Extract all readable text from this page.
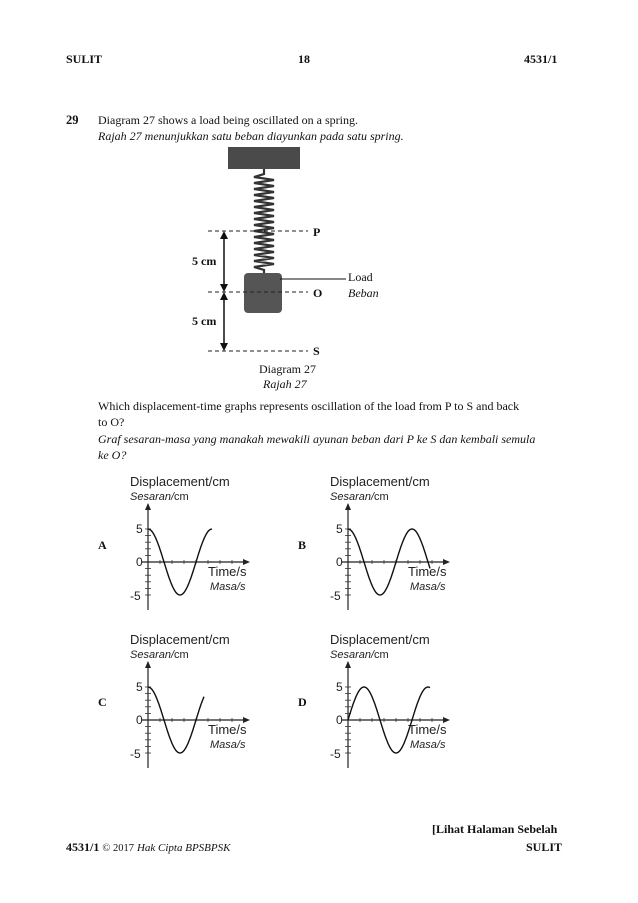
SULIT	18	4531/1
29 Diagram 27 shows a load being oscillated on a spring.
Rajah 27 menunjukkan satu beban diayunkan pada satu spring.
P
O
S
5 cm
5 cm
Load
Beban
Diagram 27
Rajah 27
Which displacement-time graphs represents oscillation of the load from P to S and back
to O?
Graf sesaran-masa yang manakah mewakili ayunan beban dari P ke S dan kembali semula
ke O?
A	B
C	D
Displacement/cm
Sesaran/cm
5
0
-5
Time/s
Masa/s
Displacement/cm
Sesaran/cm
5
0
-5
Time/s
Masa/s
Displacement/cm
Sesaran/cm
5
0
-5
Time/s
Masa/s
Displacement/cm
Sesaran/cm
5
0
-5
Time/s
Masa/s
[Lihat Halaman Sebelah
4531/1 © 2017 Hak Cipta BPSBPSK	SULIT
